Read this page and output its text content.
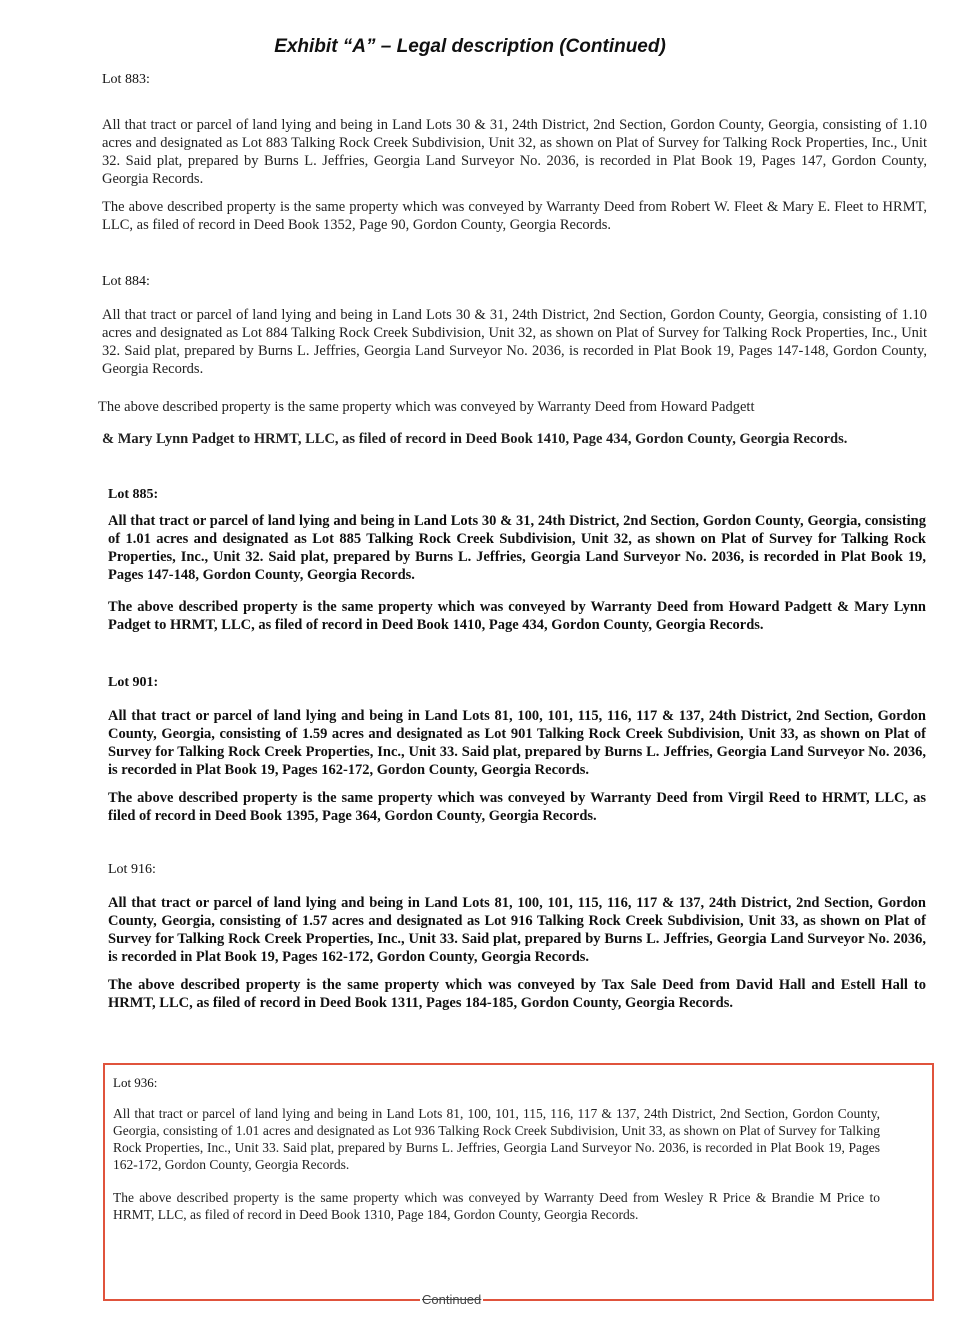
Exhibit “A” – Legal description (Continued)
Lot 883:
All that tract or parcel of land lying and being in Land Lots 30 & 31, 24th District, 2nd Section, Gordon County, Georgia, consisting of 1.10 acres and designated as Lot 883 Talking Rock Creek Subdivision, Unit 32, as shown on Plat of Survey for Talking Rock Properties, Inc., Unit 32. Said plat, prepared by Burns L. Jeffries, Georgia Land Surveyor No. 2036, is recorded in Plat Book 19, Pages 147, Gordon County, Georgia Records.
The above described property is the same property which was conveyed by Warranty Deed from Robert W. Fleet & Mary E. Fleet to HRMT, LLC, as filed of record in Deed Book 1352, Page 90, Gordon County, Georgia Records.
Lot 884:
All that tract or parcel of land lying and being in Land Lots 30 & 31, 24th District, 2nd Section, Gordon County, Georgia, consisting of 1.10 acres and designated as Lot 884 Talking Rock Creek Subdivision, Unit 32, as shown on Plat of Survey for Talking Rock Properties, Inc., Unit 32. Said plat, prepared by Burns L. Jeffries, Georgia Land Surveyor No. 2036, is recorded in Plat Book 19, Pages 147-148, Gordon County, Georgia Records.
The above described property is the same property which was conveyed by Warranty Deed from Howard Padgett
& Mary Lynn Padget to HRMT, LLC, as filed of record in Deed Book 1410, Page 434, Gordon County, Georgia Records.
Lot 885:
All that tract or parcel of land lying and being in Land Lots 30 & 31, 24th District, 2nd Section, Gordon County, Georgia, consisting of 1.01 acres and designated as Lot 885 Talking Rock Creek Subdivision, Unit 32, as shown on Plat of Survey for Talking Rock Properties, Inc., Unit 32. Said plat, prepared by Burns L. Jeffries, Georgia Land Surveyor No. 2036, is recorded in Plat Book 19, Pages 147-148, Gordon County, Georgia Records.
The above described property is the same property which was conveyed by Warranty Deed from Howard Padgett & Mary Lynn Padget to HRMT, LLC, as filed of record in Deed Book 1410, Page 434, Gordon County, Georgia Records.
Lot 901:
All that tract or parcel of land lying and being in Land Lots 81, 100, 101, 115, 116, 117 & 137, 24th District, 2nd Section, Gordon County, Georgia, consisting of 1.59 acres and designated as Lot 901 Talking Rock Creek Subdivision, Unit 33, as shown on Plat of Survey for Talking Rock Creek Properties, Inc., Unit 33. Said plat, prepared by Burns L. Jeffries, Georgia Land Surveyor No. 2036, is recorded in Plat Book 19, Pages 162-172, Gordon County, Georgia Records.
The above described property is the same property which was conveyed by Warranty Deed from Virgil Reed to HRMT, LLC, as filed of record in Deed Book 1395, Page 364, Gordon County, Georgia Records.
Lot 916:
All that tract or parcel of land lying and being in Land Lots 81, 100, 101, 115, 116, 117 & 137, 24th District, 2nd Section, Gordon County, Georgia, consisting of 1.57 acres and designated as Lot 916 Talking Rock Creek Subdivision, Unit 33, as shown on Plat of Survey for Talking Rock Creek Properties, Inc., Unit 33. Said plat, prepared by Burns L. Jeffries, Georgia Land Surveyor No. 2036, is recorded in Plat Book 19, Pages 162-172, Gordon County, Georgia Records.
The above described property is the same property which was conveyed by Tax Sale Deed from David Hall and Estell Hall to HRMT, LLC, as filed of record in Deed Book 1311, Pages 184-185, Gordon County, Georgia Records.
Lot 936:
All that tract or parcel of land lying and being in Land Lots 81, 100, 101, 115, 116, 117 & 137, 24th District, 2nd Section, Gordon County, Georgia, consisting of 1.01 acres and designated as Lot 936 Talking Rock Creek Subdivision, Unit 33, as shown on Plat of Survey for Talking Rock Properties, Inc., Unit 33. Said plat, prepared by Burns L. Jeffries, Georgia Land Surveyor No. 2036, is recorded in Plat Book 19, Pages 162-172, Gordon County, Georgia Records.
The above described property is the same property which was conveyed by Warranty Deed from Wesley R Price & Brandie M Price to HRMT, LLC, as filed of record in Deed Book 1310, Page 184, Gordon County, Georgia Records.
Continued
